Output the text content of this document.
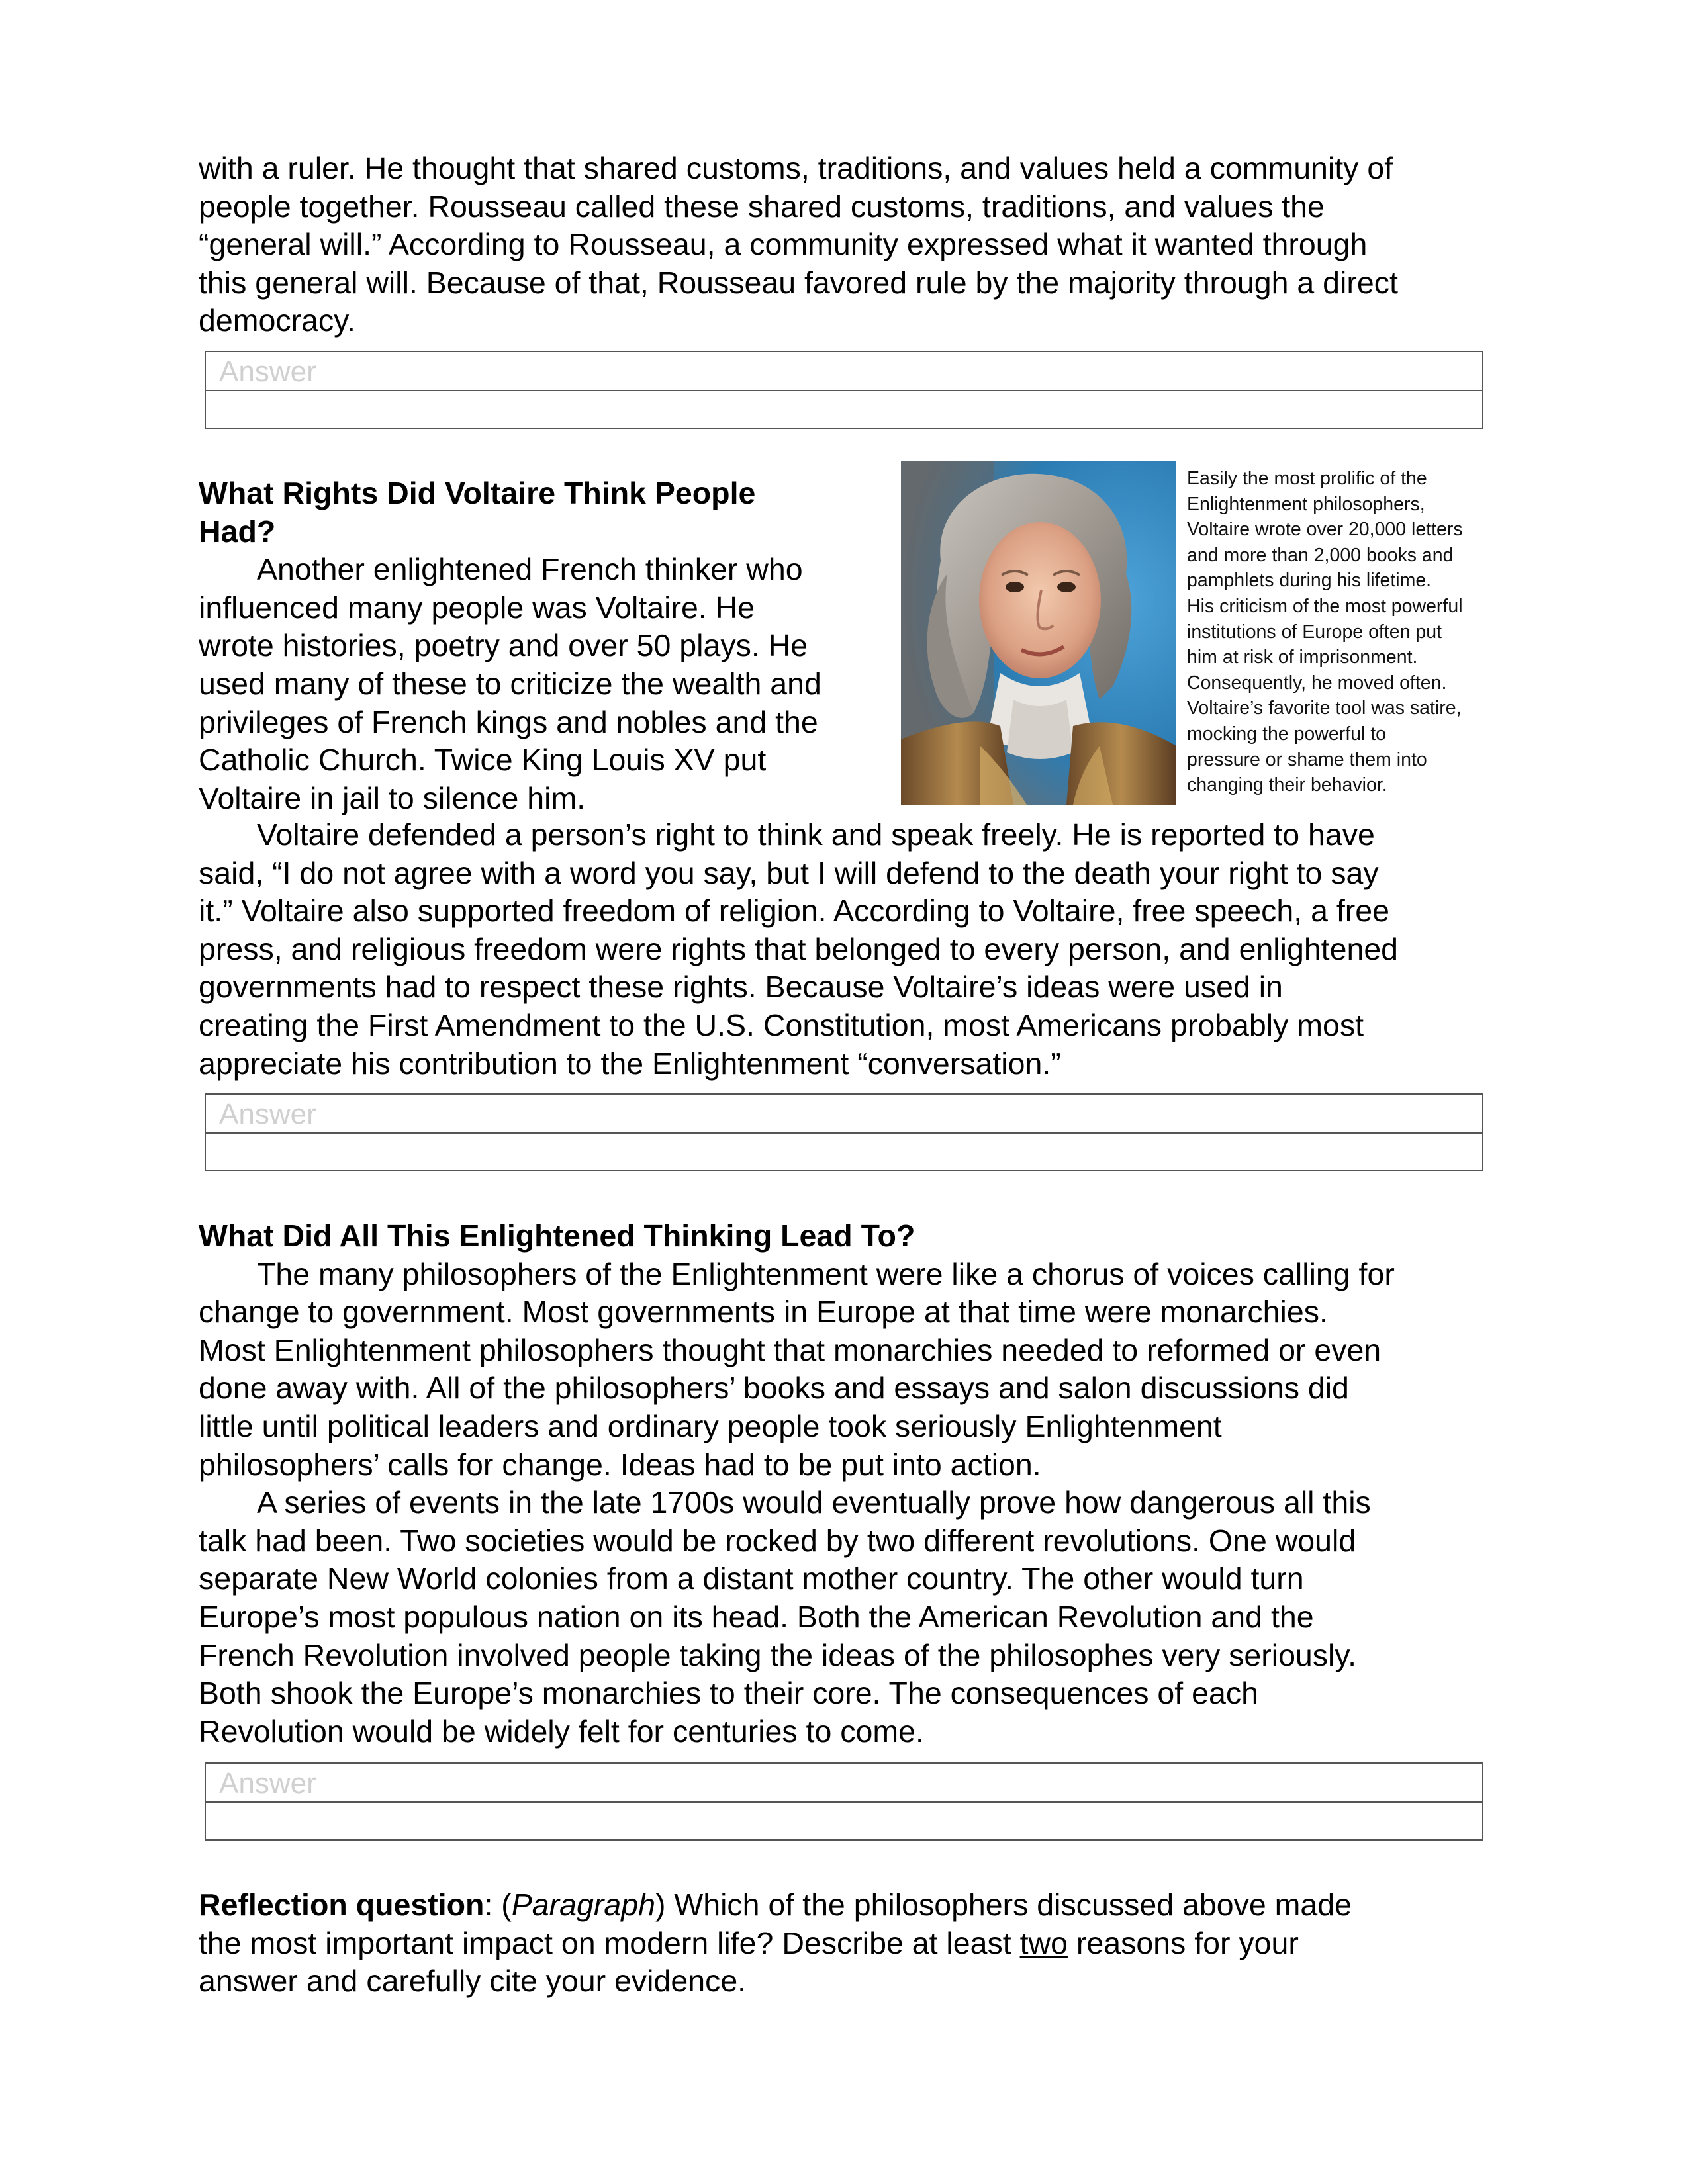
with a ruler. He thought that shared customs, traditions, and values held a community of
people together. Rousseau called these shared customs, traditions, and values the
“general will.” According to Rousseau, a community expressed what it wanted through
this general will. Because of that, Rousseau favored rule by the majority through a direct
democracy.

Answer

What Rights Did Voltaire Think People
Had?
Another enlightened French thinker who
influenced many people was Voltaire. He
wrote histories, poetry and over 50 plays. He
used many of these to criticize the wealth and
privileges of French kings and nobles and the
Catholic Church. Twice King Louis XV put
Voltaire in jail to silence him.

Easily the most prolific of the
Enlightenment philosophers,
Voltaire wrote over 20,000 letters
and more than 2,000 books and
pamphlets during his lifetime.
His criticism of the most powerful
institutions of Europe often put
him at risk of imprisonment.
Consequently, he moved often.
Voltaire’s favorite tool was satire,
mocking the powerful to
pressure or shame them into
changing their behavior.

Voltaire defended a person’s right to think and speak freely. He is reported to have
said, “I do not agree with a word you say, but I will defend to the death your right to say
it.” Voltaire also supported freedom of religion. According to Voltaire, free speech, a free
press, and religious freedom were rights that belonged to every person, and enlightened
governments had to respect these rights. Because Voltaire’s ideas were used in
creating the First Amendment to the U.S. Constitution, most Americans probably most
appreciate his contribution to the Enlightenment “conversation.”

Answer

What Did All This Enlightened Thinking Lead To?
The many philosophers of the Enlightenment were like a chorus of voices calling for
change to government. Most governments in Europe at that time were monarchies.
Most Enlightenment philosophers thought that monarchies needed to reformed or even
done away with. All of the philosophers’ books and essays and salon discussions did
little until political leaders and ordinary people took seriously Enlightenment
philosophers’ calls for change. Ideas had to be put into action.
A series of events in the late 1700s would eventually prove how dangerous all this
talk had been. Two societies would be rocked by two different revolutions. One would
separate New World colonies from a distant mother country. The other would turn
Europe’s most populous nation on its head. Both the American Revolution and the
French Revolution involved people taking the ideas of the philosophes very seriously.
Both shook the Europe’s monarchies to their core. The consequences of each
Revolution would be widely felt for centuries to come.

Answer

Reflection question: (Paragraph) Which of the philosophers discussed above made
the most important impact on modern life? Describe at least two reasons for your
answer and carefully cite your evidence.
